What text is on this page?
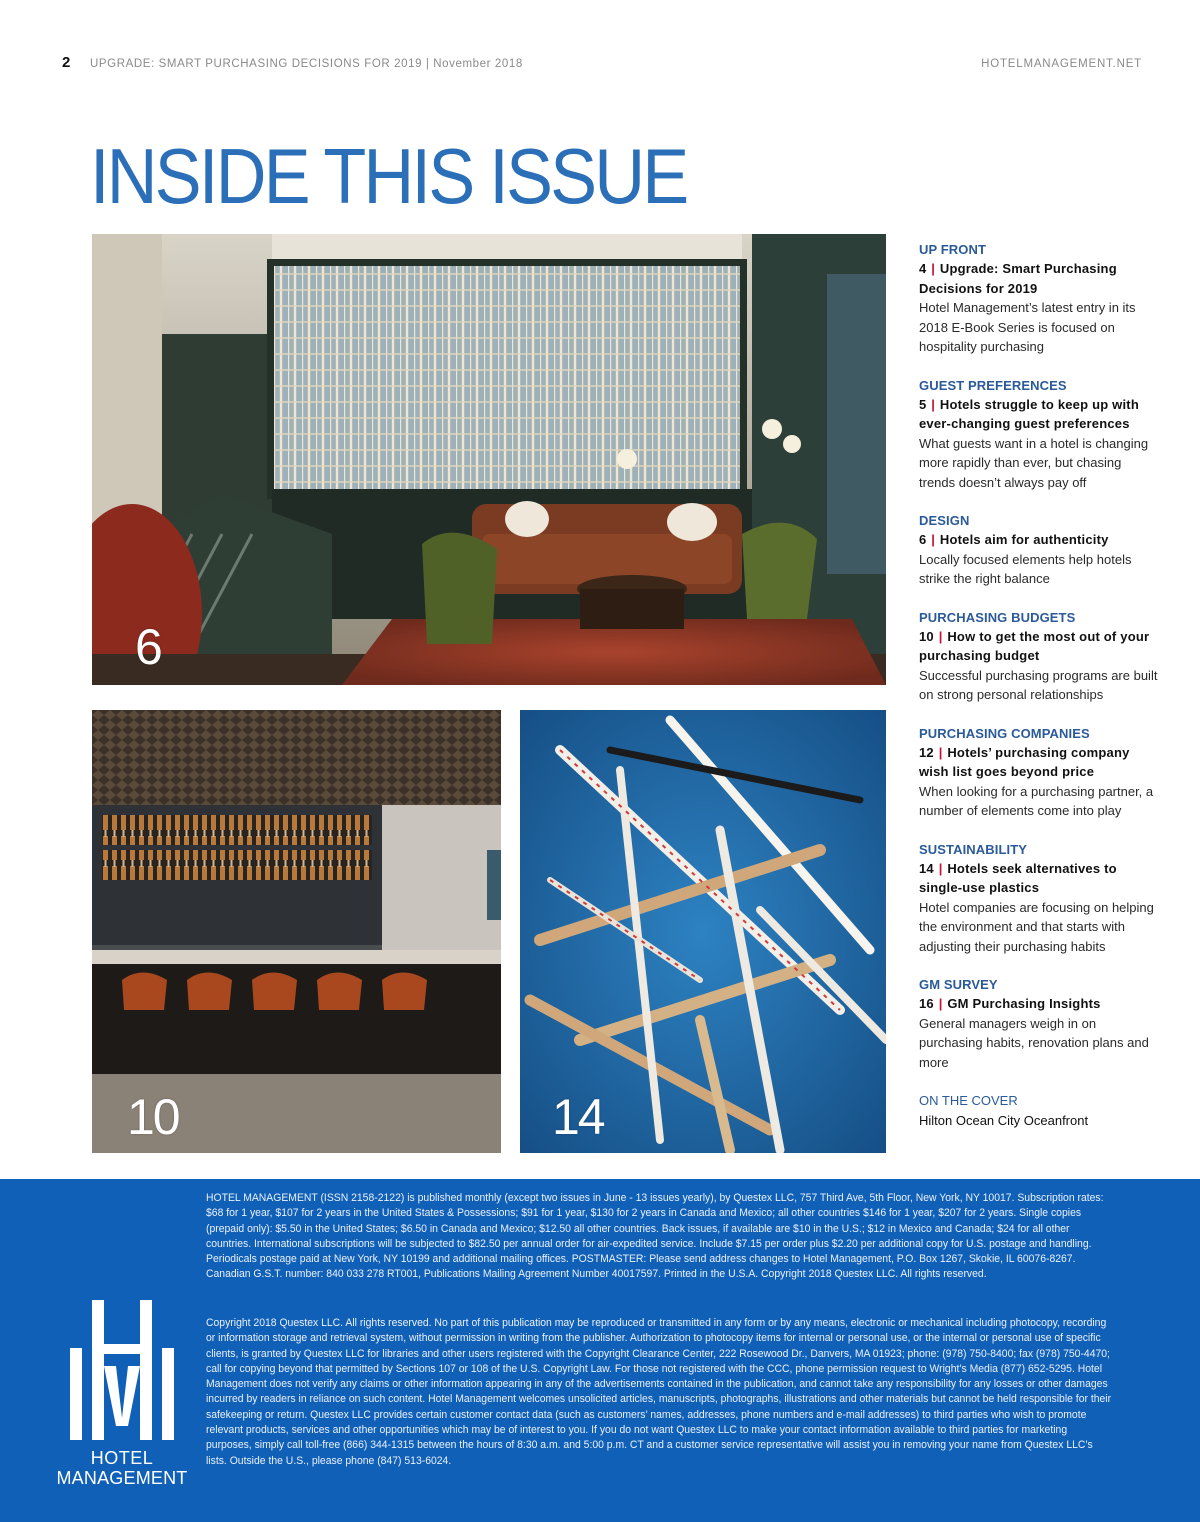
2 UPGRADE: SMART PURCHASING DECISIONS FOR 2019 | November 2018	HOTELMANAGEMENT.NET
INSIDE THIS ISSUE
6
10	14
UP FRONT
4 | Upgrade: Smart Purchasing Decisions for 2019
Hotel Management’s latest entry in its 2018 E-Book Series is focused on hospitality purchasing
GUEST PREFERENCES
5 | Hotels struggle to keep up with ever-changing guest preferences
What guests want in a hotel is changing more rapidly than ever, but chasing trends doesn’t always pay off
DESIGN
6 | Hotels aim for authenticity
Locally focused elements help hotels strike the right balance
PURCHASING BUDGETS
10 | How to get the most out of your purchasing budget
Successful purchasing programs are built on strong personal relationships
PURCHASING COMPANIES
12 | Hotels’ purchasing company wish list goes beyond price
When looking for a purchasing partner, a number of elements come into play
SUSTAINABILITY
14 | Hotels seek alternatives to single-use plastics
Hotel companies are focusing on helping the environment and that starts with adjusting their purchasing habits
GM SURVEY
16 | GM Purchasing Insights
General managers weigh in on purchasing habits, renovation plans and more
ON THE COVER
Hilton Ocean City Oceanfront

HOTEL MANAGEMENT (ISSN 2158-2122) is published monthly (except two issues in June - 13 issues yearly), by Questex LLC, 757 Third Ave, 5th Floor, New York, NY 10017. Subscription rates: $68 for 1 year, $107 for 2 years in the United States & Possessions; $91 for 1 year, $130 for 2 years in Canada and Mexico; all other countries $146 for 1 year, $207 for 2 years. Single copies (prepaid only): $5.50 in the United States; $6.50 in Canada and Mexico; $12.50 all other countries. Back issues, if available are $10 in the U.S.; $12 in Mexico and Canada; $24 for all other countries. International subscriptions will be subjected to $82.50 per annual order for air-expedited service. Include $7.15 per order plus $2.20 per additional copy for U.S. postage and handling. Periodicals postage paid at New York, NY 10199 and additional mailing offices. POSTMASTER: Please send address changes to Hotel Management, P.O. Box 1267, Skokie, IL 60076-8267. Canadian G.S.T. number: 840 033 278 RT001, Publications Mailing Agreement Number 40017597. Printed in the U.S.A. Copyright 2018 Questex LLC. All rights reserved.

Copyright 2018 Questex LLC. All rights reserved. No part of this publication may be reproduced or transmitted in any form or by any means, electronic or mechanical including photocopy, recording or information storage and retrieval system, without permission in writing from the publisher. Authorization to photocopy items for internal or personal use, or the internal or personal use of specific clients, is granted by Questex LLC for libraries and other users registered with the Copyright Clearance Center, 222 Rosewood Dr., Danvers, MA 01923; phone: (978) 750-8400; fax (978) 750-4470; call for copying beyond that permitted by Sections 107 or 108 of the U.S. Copyright Law. For those not registered with the CCC, phone permission request to Wright’s Media (877) 652-5295. Hotel Management does not verify any claims or other information appearing in any of the advertisements contained in the publication, and cannot take any responsibility for any losses or other damages incurred by readers in reliance on such content. Hotel Management welcomes unsolicited articles, manuscripts, photographs, illustrations and other materials but cannot be held responsible for their safekeeping or return. Questex LLC provides certain customer contact data (such as customers’ names, addresses, phone numbers and e-mail addresses) to third parties who wish to promote relevant products, services and other opportunities which may be of interest to you. If you do not want Questex LLC to make your contact information available to third parties for marketing purposes, simply call toll-free (866) 344-1315 between the hours of 8:30 a.m. and 5:00 p.m. CT and a customer service representative will assist you in removing your name from Questex LLC’s lists. Outside the U.S., please phone (847) 513-6024.

HOTEL
MANAGEMENT
